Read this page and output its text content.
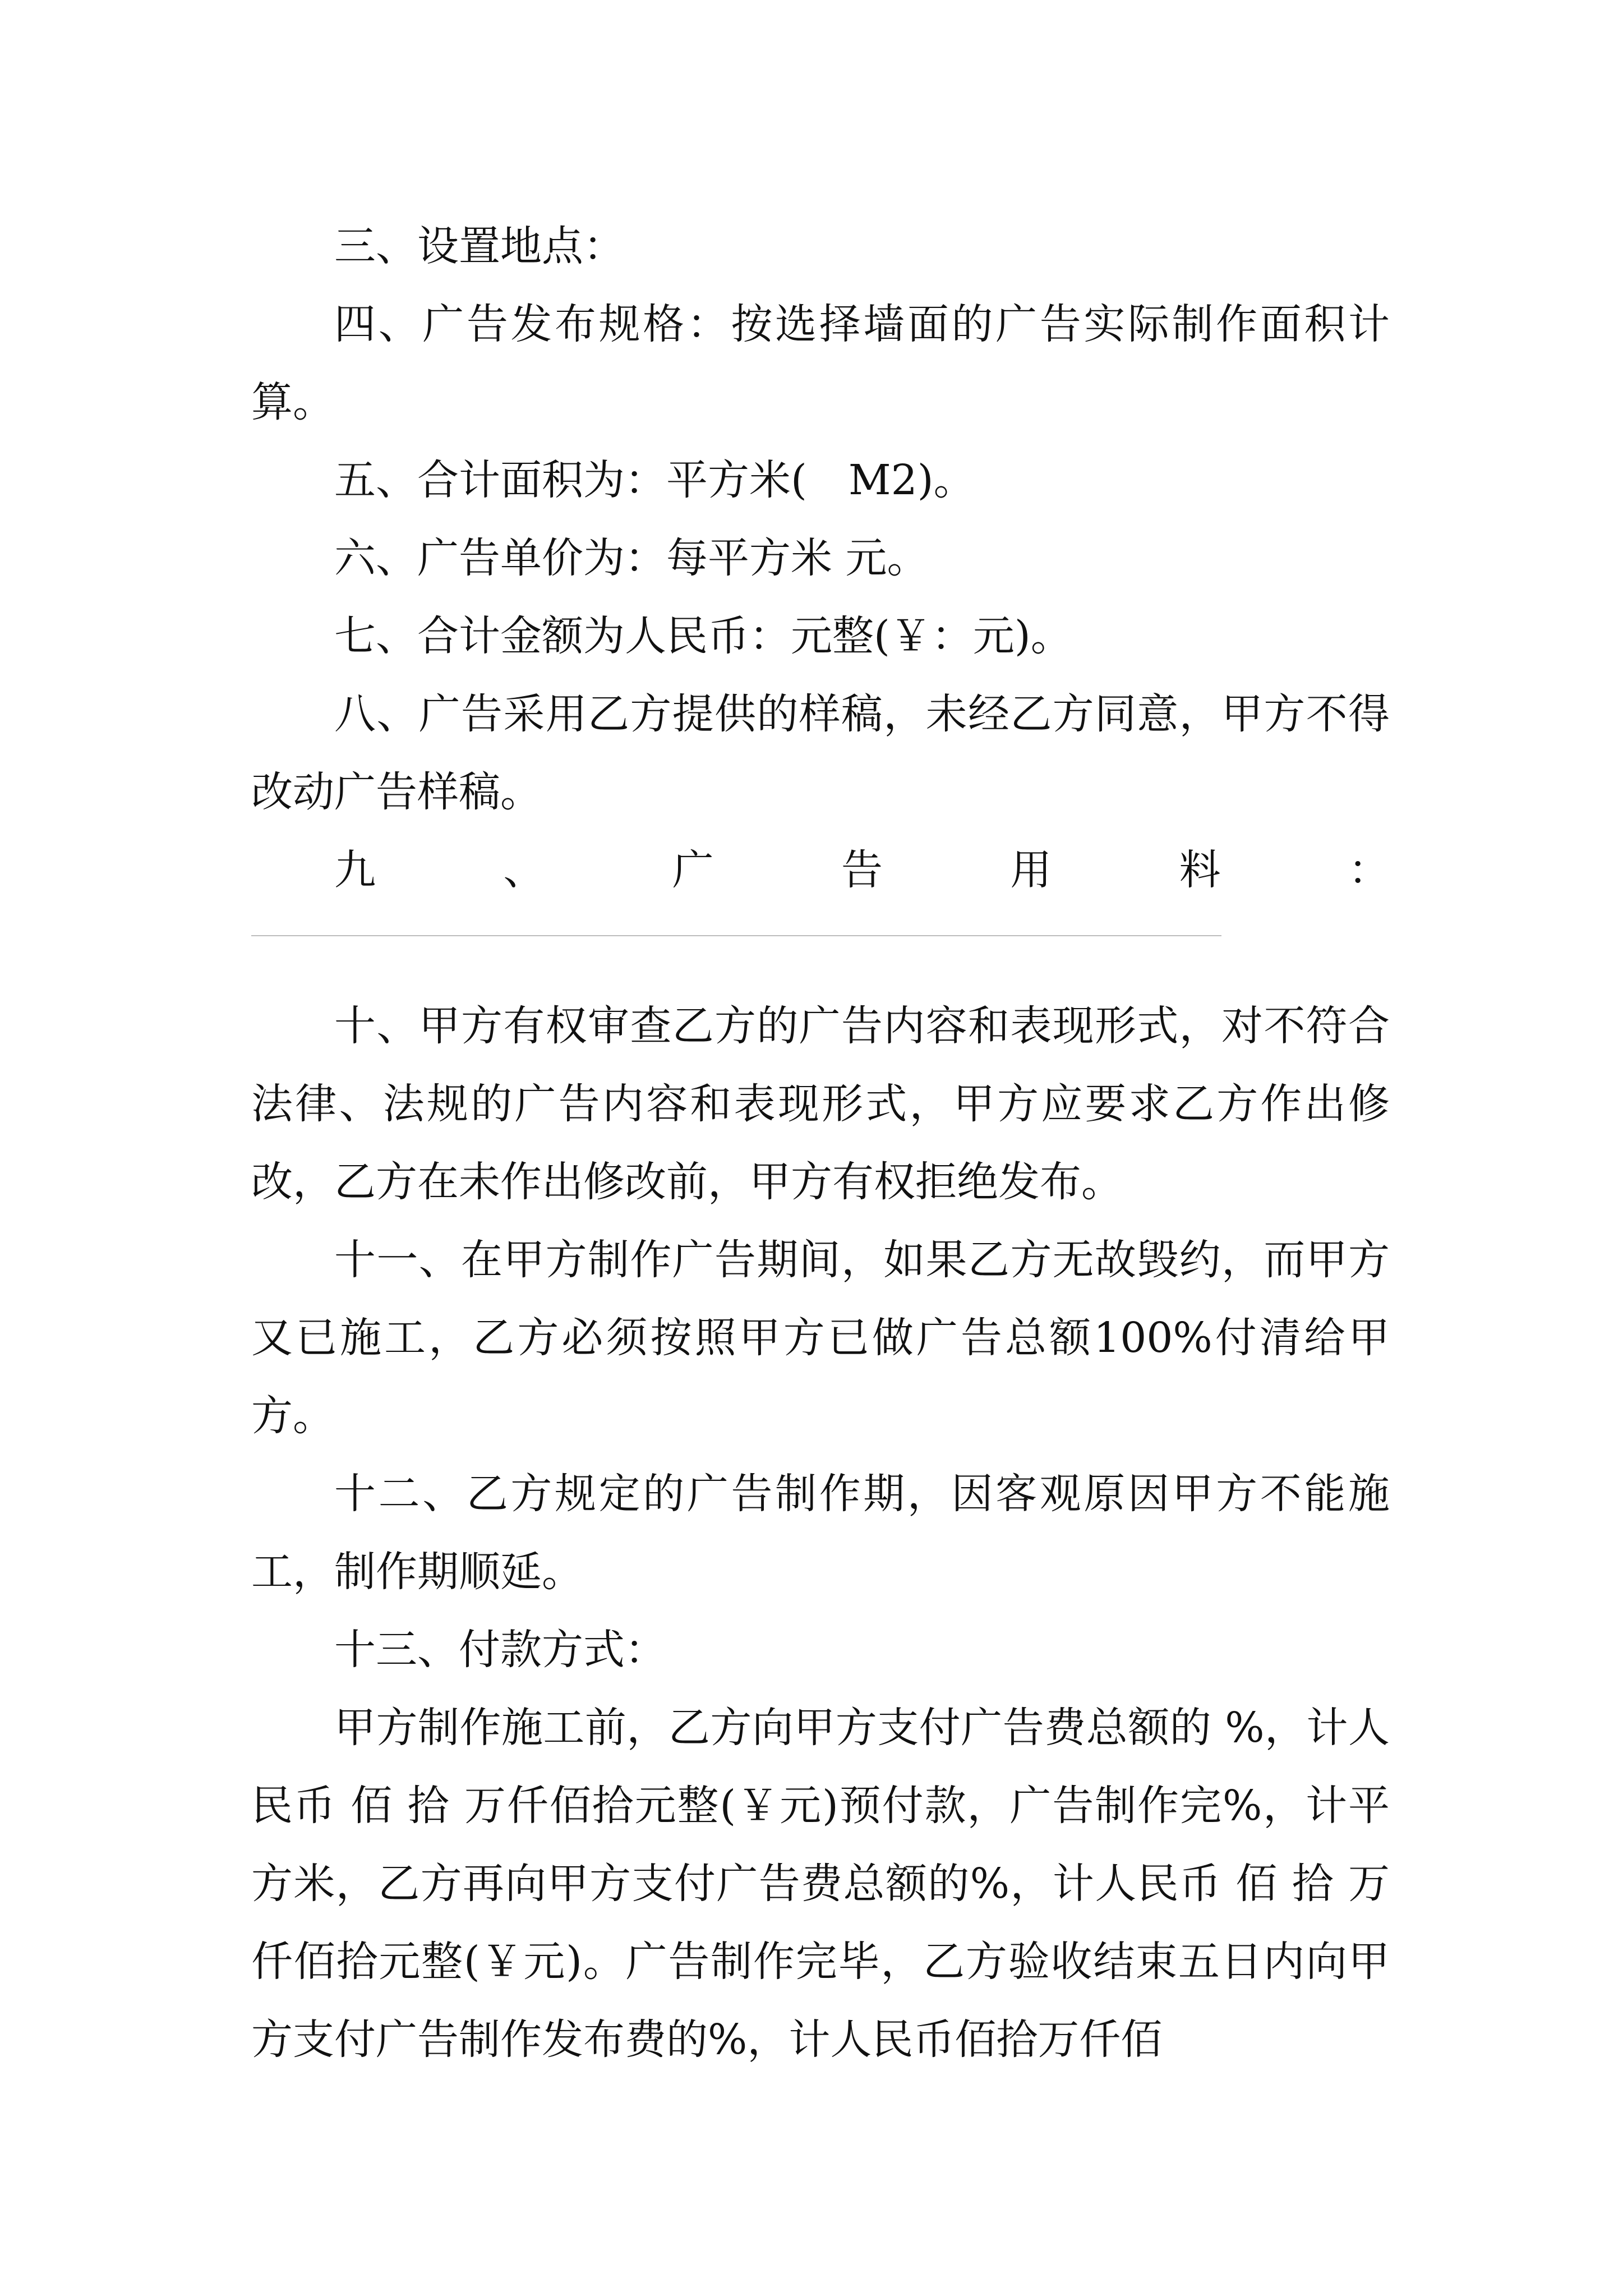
三、设置地点：

四、广告发布规格：按选择墙面的广告实际制作面积计算。

五、合计面积为：平方米(　M2)。

六、广告单价为：每平方米 元。

七、合计金额为人民币：元整(￥：元)。

八、广告采用乙方提供的样稿，未经乙方同意，甲方不得改动广告样稿。

九、广告用料：

十、甲方有权审查乙方的广告内容和表现形式，对不符合法律、法规的广告内容和表现形式，甲方应要求乙方作出修改，乙方在未作出修改前，甲方有权拒绝发布。

十一、在甲方制作广告期间，如果乙方无故毁约，而甲方又已施工，乙方必须按照甲方已做广告总额100%付清给甲方。

十二、乙方规定的广告制作期，因客观原因甲方不能施工，制作期顺延。

十三、付款方式：

甲方制作施工前，乙方向甲方支付广告费总额的 %，计人民币 佰 拾 万仟佰拾元整(￥元)预付款，广告制作完%，计平方米，乙方再向甲方支付广告费总额的%，计人民币 佰 拾 万仟佰拾元整(￥元)。广告制作完毕，乙方验收结束五日内向甲方支付广告制作发布费的%，计人民币佰拾万仟佰
